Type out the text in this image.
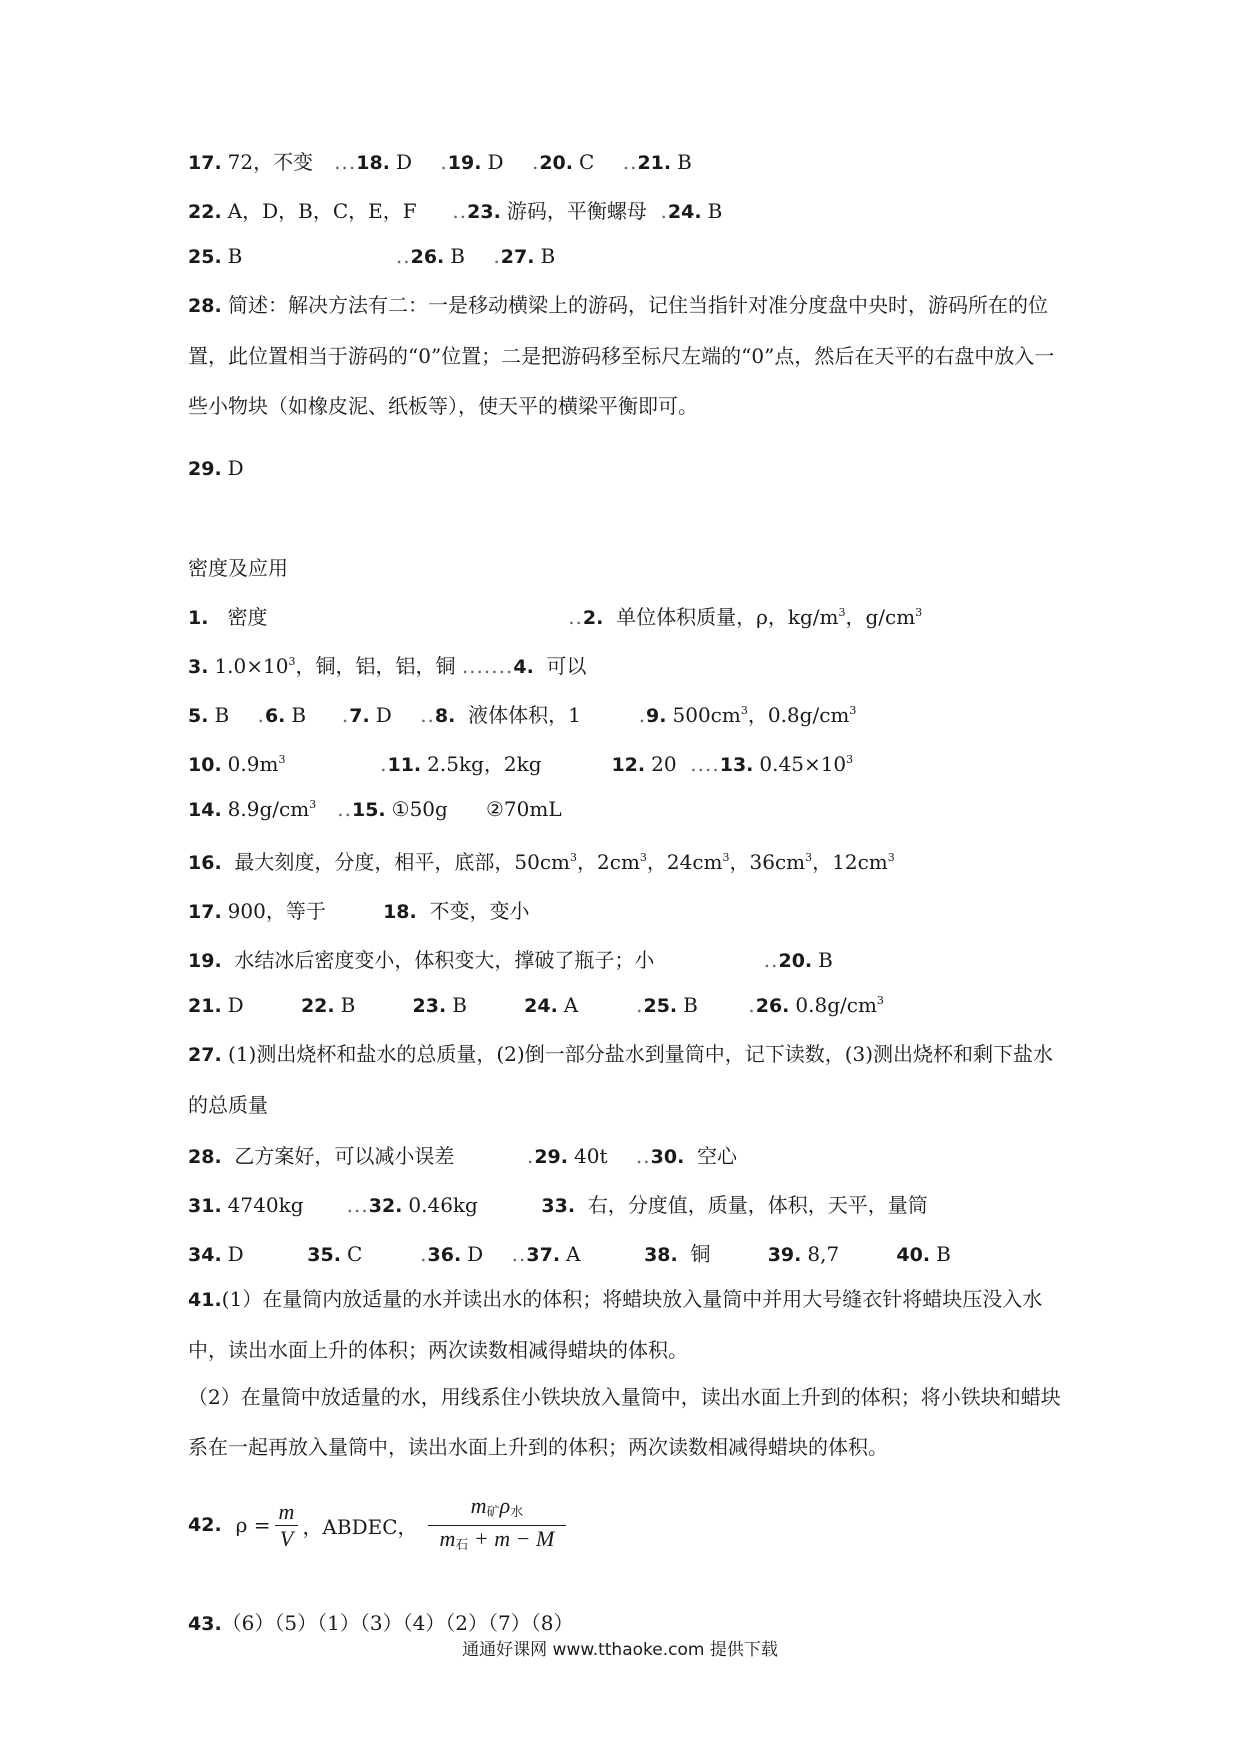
17. 72，不变   ...18. D    .19. D    .20. C    ..21. B
22. A，D，B，C，E，F     ..23. 游码，平衡螺母  .24. B
25. B                     ..26. B    .27. B
28. 简述：解决方法有二：一是移动横梁上的游码，记住当指针对准分度盘中央时，游码所在的位置，此位置相当于游码的“0”位置；二是把游码移至标尺左端的“0”点，然后在天平的右盘中放入一些小物块（如橡皮泥、纸板等），使天平的横梁平衡即可。
29. D
密度及应用
1. 密度                                         ..2. 单位体积质量，ρ，$kg/m^3$，$g/cm^3$
3. $1.0\times 10^3$，铜，铝，铝，铜 .......4. 可以
5. B    .6. B     .7. D    ..8. 液体体积，1        .9. $500cm^3$，$0.8g/cm^3$
10. $0.9m^3$             .11. 2.5kg，2kg	12. 20  ....13. $0.45\times 10^3$
14. $8.9g/cm^3$   ..15. ①50g ②70mL
16. 最大刻度，分度，相平，底部，$50cm^3$，$2cm^3$，$24cm^3$，$36cm^3$，$12cm^3$
17. 900，等于	18. 不变，变小
19. 水结冰后密度变小，体积变大，撑破了瓶子；小               ..20. B
21. D	22. B	23. B	24. A        .25. B       .26. $0.8g/cm^3$
27. (1)测出烧杯和盐水的总质量，(2)倒一部分盐水到量筒中，记下读数，(3)测出烧杯和剩下盐水的总质量
28. 乙方案好，可以减小误差          .29. 40t    ..30. 空心
31. 4740kg      ...32. 0.46kg	33. 右，分度值，质量，体积，天平，量筒
34. D	35. C        .36. D    ..37. A	38. 铜	39. 8,7	40. B
41.(1）在量筒内放适量的水并读出水的体积；将蜡块放入量筒中并用大号缝衣针将蜡块压没入水中，读出水面上升的体积；两次读数相减得蜡块的体积。
（2）在量筒中放适量的水，用线系住小铁块放入量筒中，读出水面上升到的体积；将小铁块和蜡块系在一起再放入量筒中，读出水面上升到的体积；两次读数相减得蜡块的体积。
42. $\rho = \frac{m}{V}$ ，ABDEC， $\frac{m_矿\rho_水}{m_石 + m - M}$
43.（6）（5）（1）（3）（4）（2）（7）（8）
通通好课网 www.tthaoke.com 提供下载
